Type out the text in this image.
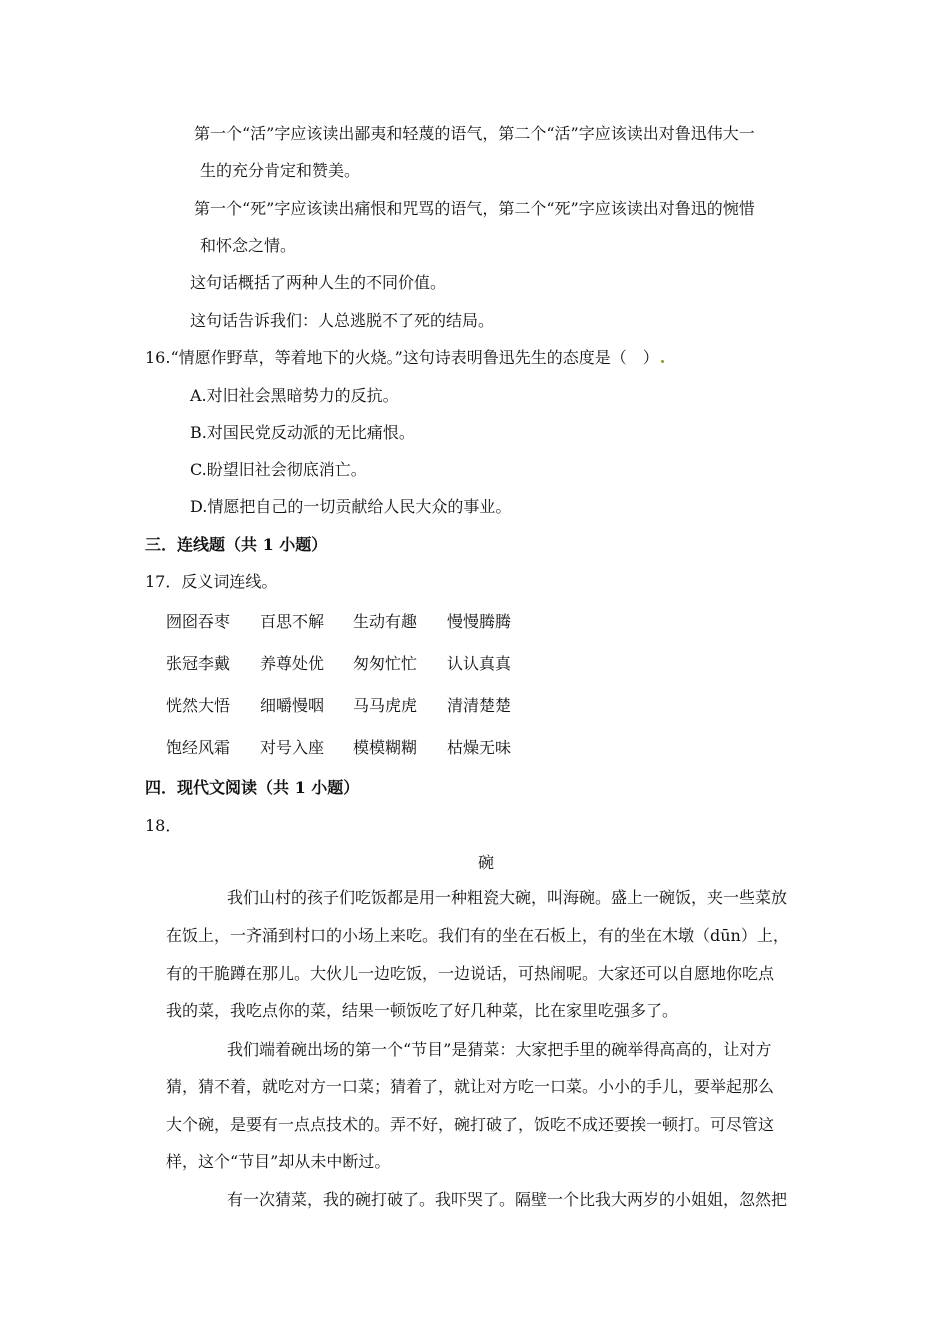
第一个“活”字应该读出鄙夷和轻蔑的语气，第二个“活”字应该读出对鲁迅伟大一
生的充分肯定和赞美。
第一个“死”字应该读出痛恨和咒骂的语气，第二个“死”字应该读出对鲁迅的惋惜
和怀念之情。
这句话概括了两种人生的不同价值。
这句话告诉我们：人总逃脱不了死的结局。
16.“情愿作野草，等着地下的火烧。”这句诗表明鲁迅先生的态度是（　）
A.对旧社会黑暗势力的反抗。
B.对国民党反动派的无比痛恨。
C.盼望旧社会彻底消亡。
D.情愿把自己的一切贡献给人民大众的事业。
三．连线题（共 1 小题）
17．反义词连线。
囫囵吞枣 百思不解 生动有趣 慢慢腾腾
张冠李戴 养尊处优 匆匆忙忙 认认真真
恍然大悟 细嚼慢咽 马马虎虎 清清楚楚
饱经风霜 对号入座 模模糊糊 枯燥无味
四．现代文阅读（共 1 小题）
18．
碗
我们山村的孩子们吃饭都是用一种粗瓷大碗，叫海碗。盛上一碗饭，夹一些菜放
在饭上，一齐涌到村口的小场上来吃。我们有的坐在石板上，有的坐在木墩（dūn）上，
有的干脆蹲在那儿。大伙儿一边吃饭，一边说话，可热闹呢。大家还可以自愿地你吃点
我的菜，我吃点你的菜，结果一顿饭吃了好几种菜，比在家里吃强多了。
我们端着碗出场的第一个“节目”是猜菜：大家把手里的碗举得高高的，让对方
猜，猜不着，就吃对方一口菜；猜着了，就让对方吃一口菜。小小的手儿，要举起那么
大个碗，是要有一点点技术的。弄不好，碗打破了，饭吃不成还要挨一顿打。可尽管这
样，这个“节目”却从未中断过。
有一次猜菜，我的碗打破了。我吓哭了。隔壁一个比我大两岁的小姐姐，忽然把
